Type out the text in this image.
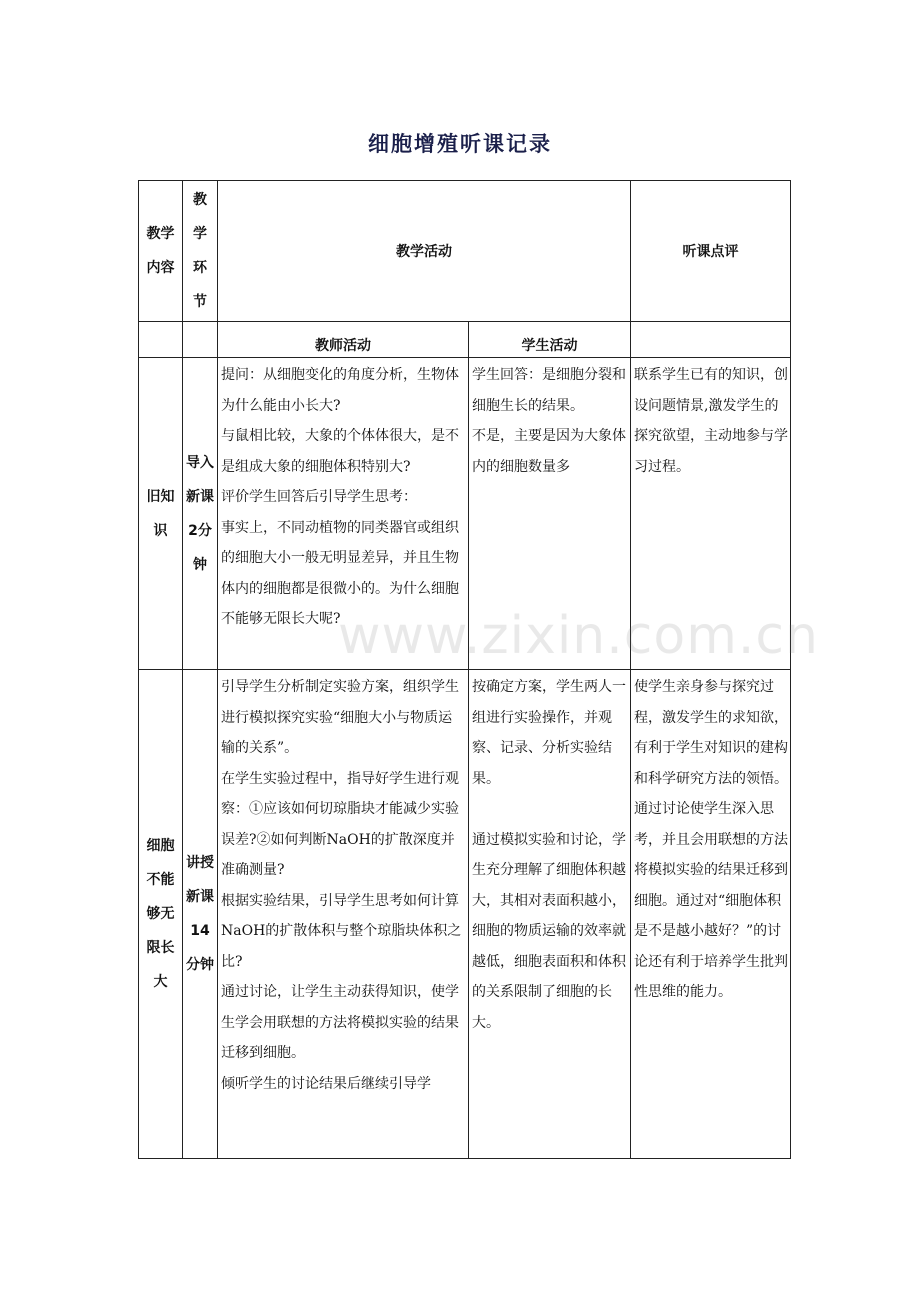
细胞增殖听课记录
教学内容	教学环节	教学活动		听课点评
		教师活动	学生活动	

旧知识	导入新课2分钟	提问：从细胞变化的角度分析，生物体为什么能由小长大?
与鼠相比较，大象的个体体很大，是不是组成大象的细胞体积特别大?
评价学生回答后引导学生思考：
事实上，不同动植物的同类器官或组织的细胞大小一般无明显差异，并且生物体内的细胞都是很微小的。为什么细胞不能够无限长大呢?	学生回答：是细胞分裂和细胞生长的结果。
不是，主要是因为大象体内的细胞数量多	联系学生已有的知识，创设问题情景,激发学生的探究欲望，主动地参与学习过程。

细胞不能够无限长大	讲授新课14分钟	引导学生分析制定实验方案，组织学生进行模拟探究实验“细胞大小与物质运输的关系”。
在学生实验过程中，指导好学生进行观察：①应该如何切琼脂块才能减少实验误差?②如何判断NaOH的扩散深度并准确测量?
根据实验结果，引导学生思考如何计算NaOH的扩散体积与整个琼脂块体积之比?
通过讨论，让学生主动获得知识，使学生学会用联想的方法将模拟实验的结果迁移到细胞。
倾听学生的讨论结果后继续引导学	按确定方案，学生两人一组进行实验操作，并观察、记录、分析实验结果。

通过模拟实验和讨论，学生充分理解了细胞体积越大，其相对表面积越小，细胞的物质运输的效率就越低，细胞表面积和体积的关系限制了细胞的长大。	使学生亲身参与探究过程，激发学生的求知欲，有利于学生对知识的建构和科学研究方法的领悟。通过讨论使学生深入思考，并且会用联想的方法将模拟实验的结果迁移到细胞。通过对“细胞体积是不是越小越好？”的讨论还有利于培养学生批判性思维的能力。
www.zixin.com.cn
